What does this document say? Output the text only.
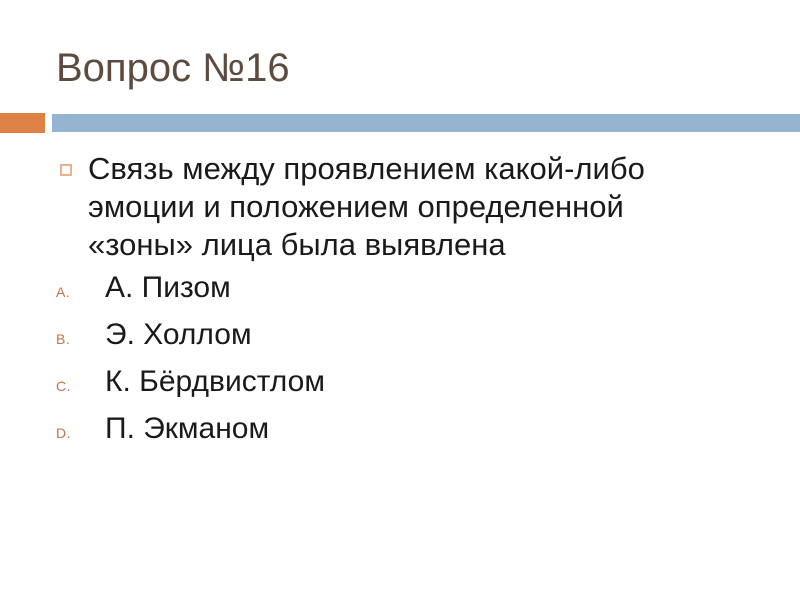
Вопрос №16
Связь между проявлением какой-либо
эмоции и положением определенной
«зоны» лица была выявлена
A. А. Пизом
B. Э. Холлом
C. К. Бёрдвистлом
D. П. Экманом
